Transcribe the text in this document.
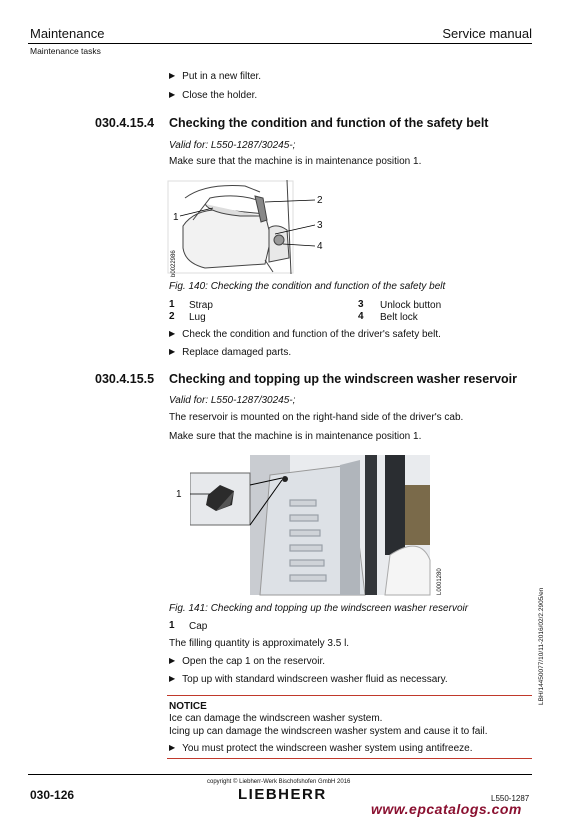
Maintenance	Service manual
Maintenance tasks
▶ Put in a new filter.
▶ Close the holder.
030.4.15.4 Checking the condition and function of the safety belt
Valid for: L550-1287/30245-;
Make sure that the machine is in maintenance position 1.
1
2
3
4
b0022986
Fig. 140: Checking the condition and function of the safety belt
1 Strap	3 Unlock button
2 Lug	4 Belt lock
▶ Check the condition and function of the driver's safety belt.
▶ Replace damaged parts.
030.4.15.5 Checking and topping up the windscreen washer reservoir
Valid for: L550-1287/30245-;
The reservoir is mounted on the right-hand side of the driver's cab.
Make sure that the machine is in maintenance position 1.
1
L0001280
Fig. 141: Checking and topping up the windscreen washer reservoir
1 Cap
The filling quantity is approximately 3.5 l.
▶ Open the cap 1 on the reservoir.
▶ Top up with standard windscreen washer fluid as necessary.
NOTICE
Ice can damage the windscreen washer system.
Icing up can damage the windscreen washer system and cause it to fail.
▶ You must protect the windscreen washer system using antifreeze.
LBH/14450077/10/11-2016/02/2.2905/en
copyright © Liebherr-Werk Bischofshofen GmbH 2016
030-126	LIEBHERR	L550-1287
www.epcatalogs.com
